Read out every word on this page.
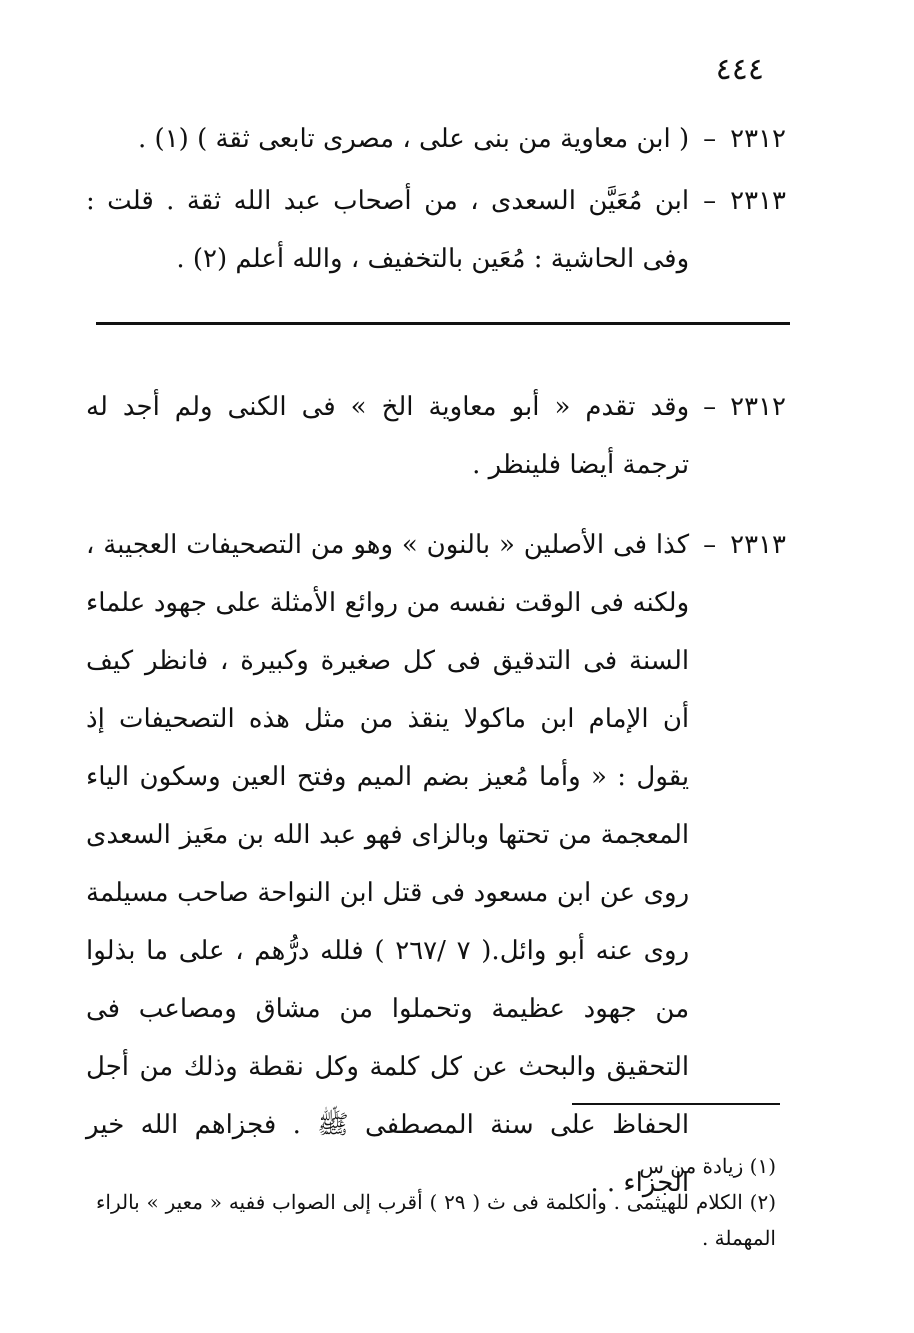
٤٤٤
٢٣١٢
–
( ابن معاوية من بنى على ، مصرى تابعى ثقة ) (١) .
٢٣١٣
–
ابن مُعَيَّن السعدى ، من أصحاب عبد الله ثقة . قلت : وفى الحاشية : مُعَين بالتخفيف ، والله أعلم (٢) .
٢٣١٢
–
وقد تقدم « أبو معاوية الخ » فى الكنى ولم أجد له ترجمة أيضا فلينظر .
٢٣١٣
–
كذا فى الأصلين « بالنون » وهو من التصحيفات العجيبة ، ولكنه فى الوقت نفسه من روائع الأمثلة على جهود علماء السنة فى التدقيق فى كل صغيرة وكبيرة ، فانظر كيف أن الإمام ابن ماكولا ينقذ من مثل هذه التصحيفات إذ يقول : « وأما مُعيز بضم الميم وفتح العين وسكون الياء المعجمة من تحتها وبالزاى فهو عبد الله بن معَيز السعدى روى عن ابن مسعود فى قتل ابن النواحة صاحب مسيلمة روى عنه أبو وائل.( ٧ /٢٦٧ ) فلله درُّهم ، على ما بذلوا من جهود عظيمة وتحملوا من مشاق ومصاعب فى التحقيق والبحث عن كل كلمة وكل نقطة وذلك من أجل الحفاظ على سنة المصطفى ﷺ . فجزاهم الله خير الجزاء . .
(١) زيادة من س
(٢) الكلام للهيثمى . والكلمة فى ث ( ٢٩ ) أقرب إلى الصواب ففيه « معير » بالراء المهملة .
